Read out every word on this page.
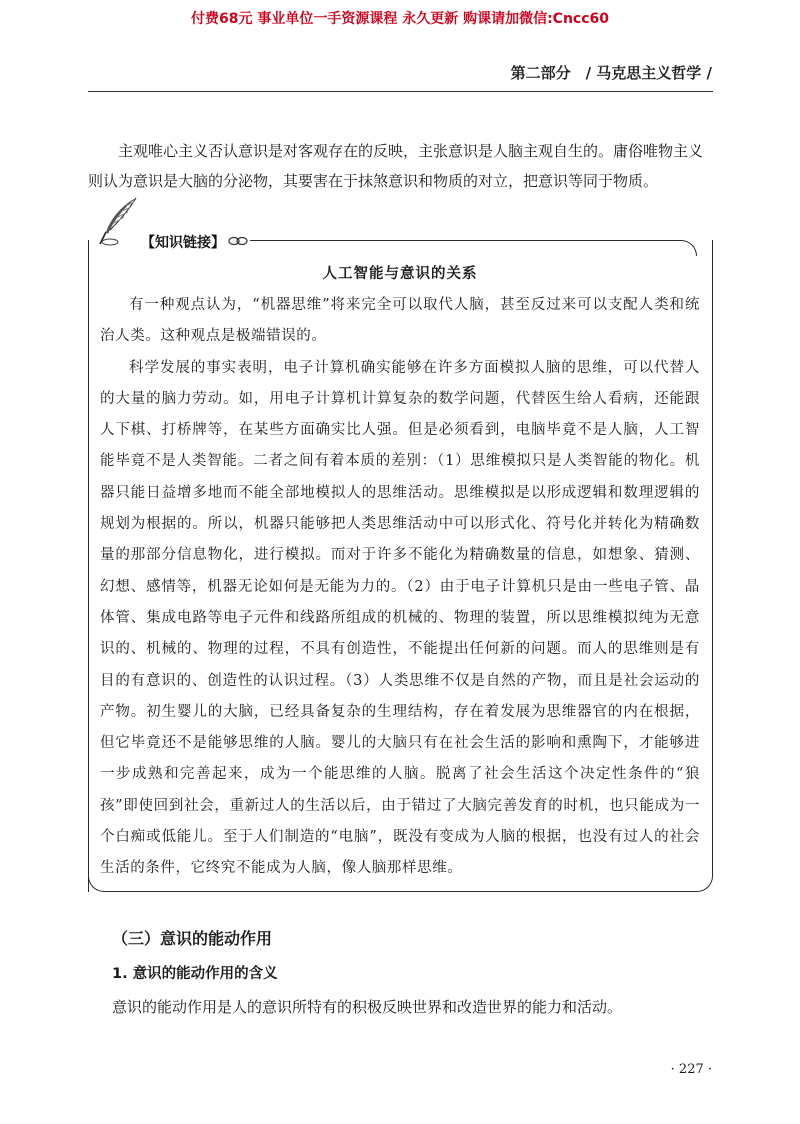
付费68元 事业单位一手资源课程 永久更新 购课请加微信:Cncc60
第二部分　/ 马克思主义哲学 /

主观唯心主义否认意识是对客观存在的反映，主张意识是人脑主观自生的。庸俗唯物主义则认为意识是大脑的分泌物，其要害在于抹煞意识和物质的对立，把意识等同于物质。

【知识链接】
人工智能与意识的关系

有一种观点认为，“机器思维”将来完全可以取代人脑，甚至反过来可以支配人类和统治人类。这种观点是极端错误的。

科学发展的事实表明，电子计算机确实能够在许多方面模拟人脑的思维，可以代替人的大量的脑力劳动。如，用电子计算机计算复杂的数学问题，代替医生给人看病，还能跟人下棋、打桥牌等，在某些方面确实比人强。但是必须看到，电脑毕竟不是人脑，人工智能毕竟不是人类智能。二者之间有着本质的差别：（1）思维模拟只是人类智能的物化。机器只能日益增多地而不能全部地模拟人的思维活动。思维模拟是以形成逻辑和数理逻辑的规划为根据的。所以，机器只能够把人类思维活动中可以形式化、符号化并转化为精确数量的那部分信息物化，进行模拟。而对于许多不能化为精确数量的信息，如想象、猜测、幻想、感情等，机器无论如何是无能为力的。（2）由于电子计算机只是由一些电子管、晶体管、集成电路等电子元件和线路所组成的机械的、物理的装置，所以思维模拟纯为无意识的、机械的、物理的过程，不具有创造性，不能提出任何新的问题。而人的思维则是有目的有意识的、创造性的认识过程。（3）人类思维不仅是自然的产物，而且是社会运动的产物。初生婴儿的大脑，已经具备复杂的生理结构，存在着发展为思维器官的内在根据，但它毕竟还不是能够思维的人脑。婴儿的大脑只有在社会生活的影响和熏陶下，才能够进一步成熟和完善起来，成为一个能思维的人脑。脱离了社会生活这个决定性条件的“狼孩”即使回到社会，重新过人的生活以后，由于错过了大脑完善发育的时机，也只能成为一个白痴或低能儿。至于人们制造的“电脑”，既没有变成为人脑的根据，也没有过人的社会生活的条件，它终究不能成为人脑，像人脑那样思维。

（三）意识的能动作用
1. 意识的能动作用的含义
意识的能动作用是人的意识所特有的积极反映世界和改造世界的能力和活动。
· 227 ·
